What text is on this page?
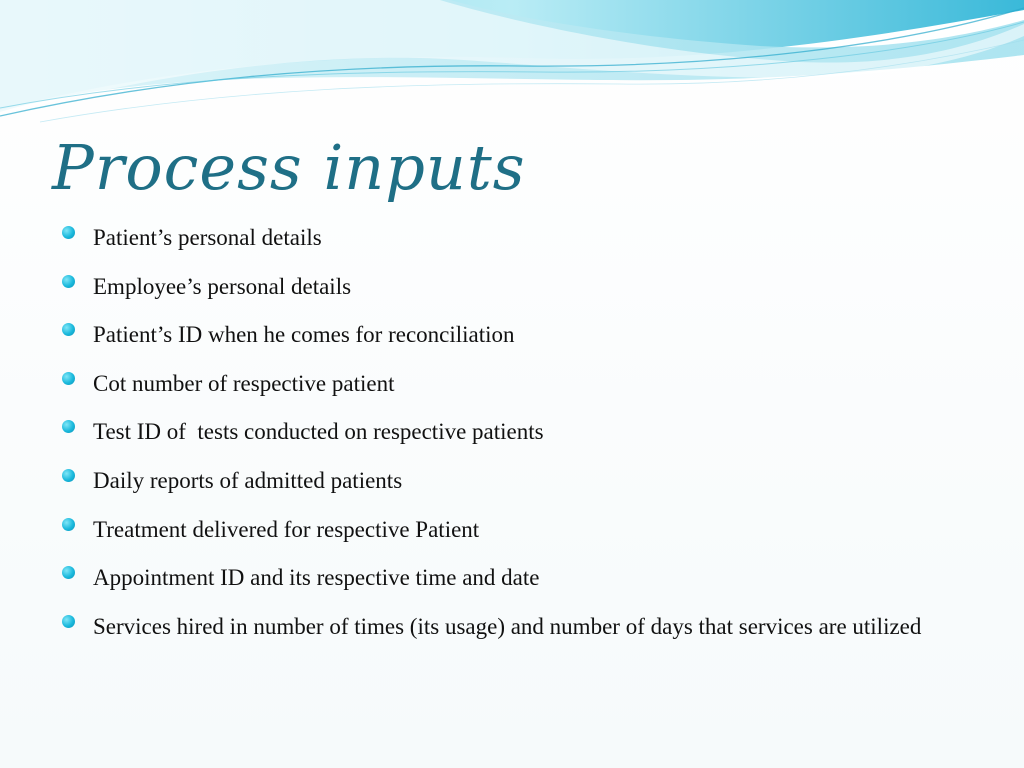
Process inputs
Patient’s personal details
Employee’s personal details
Patient’s ID when he comes for reconciliation
Cot number of respective patient
Test ID of  tests conducted on respective patients
Daily reports of admitted patients
Treatment delivered for respective Patient
Appointment ID and its respective time and date
Services hired in number of times (its usage) and number of days that services are utilized
